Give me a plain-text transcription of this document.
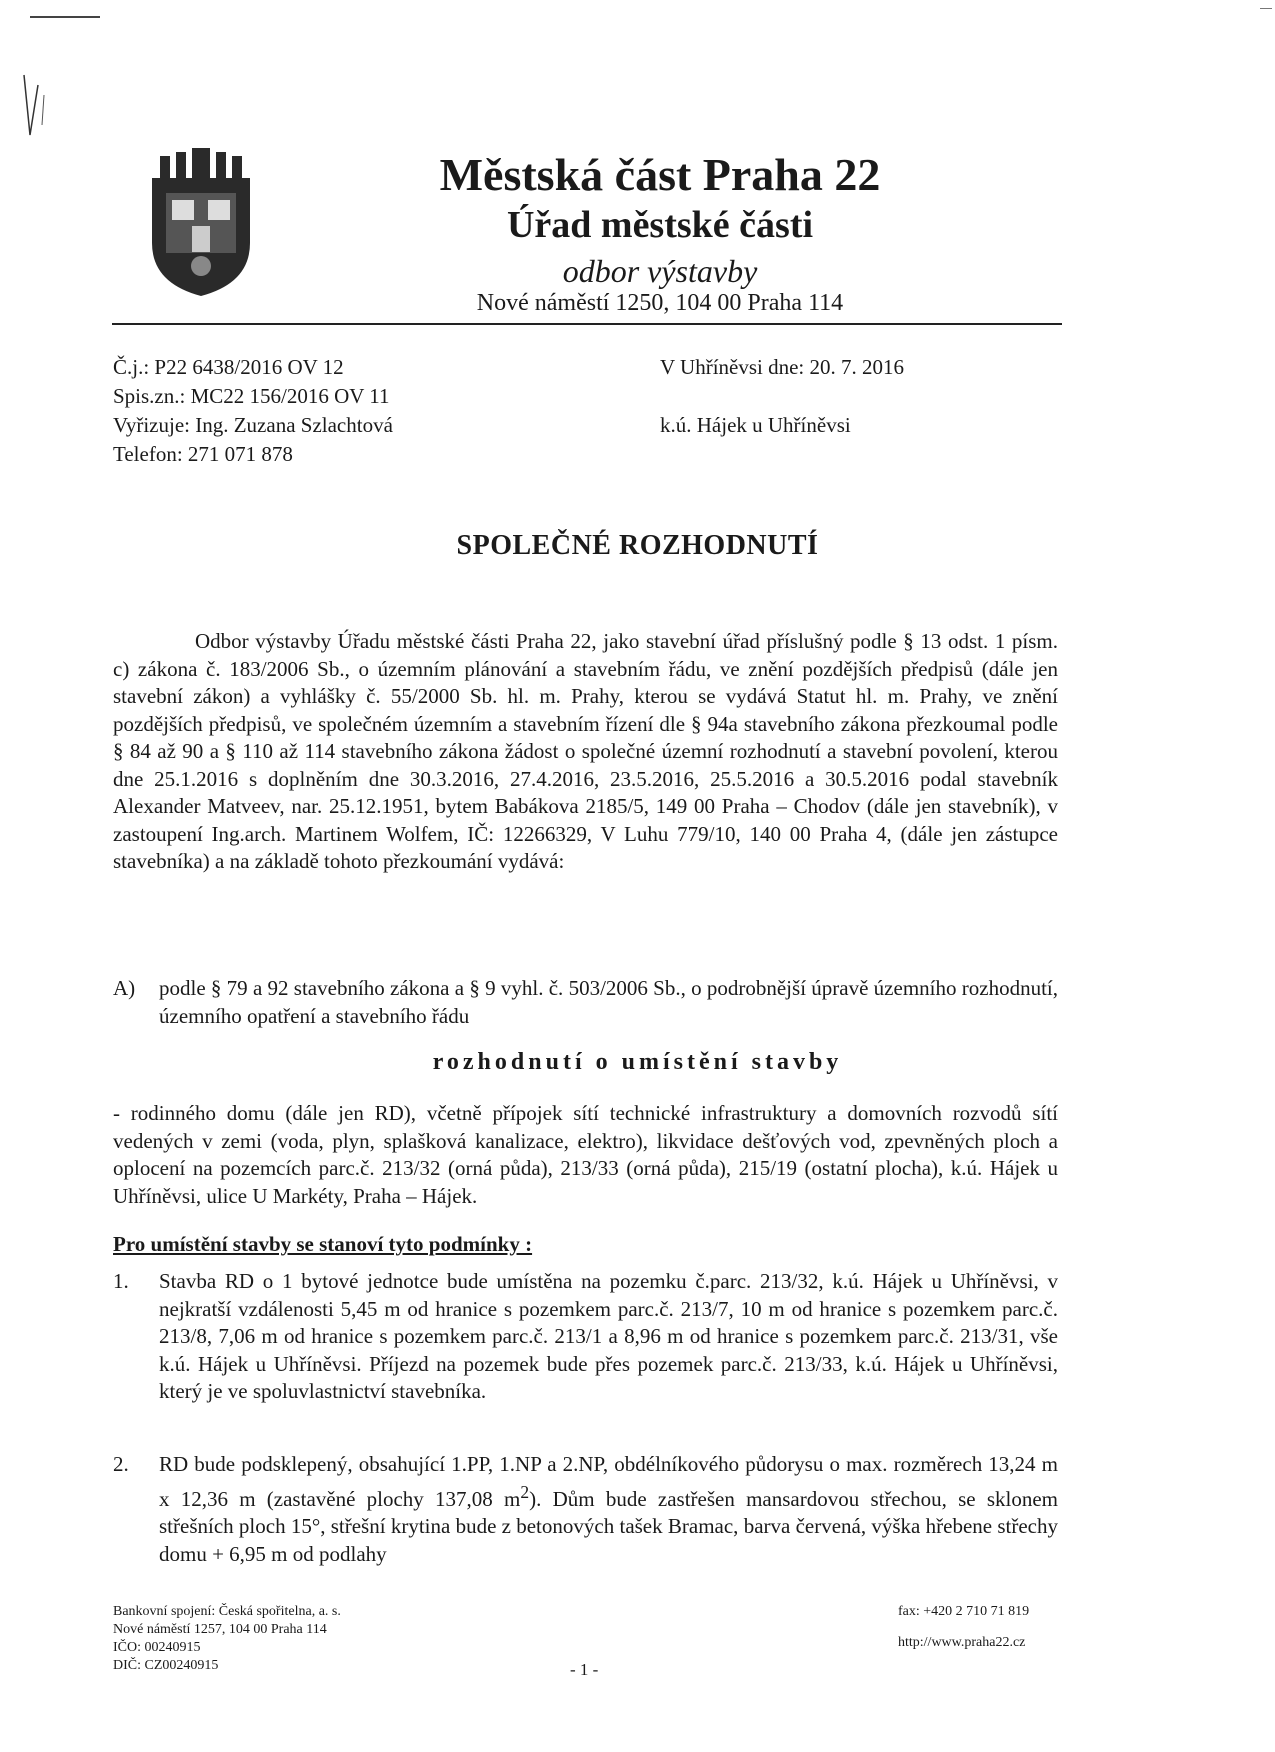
Městská část Praha 22
Úřad městské části
odbor výstavby
Nové náměstí 1250, 104 00 Praha 114
Č.j.: P22 6438/2016 OV 12
Spis.zn.: MC22 156/2016 OV 11
Vyřizuje: Ing. Zuzana Szlachtová
Telefon: 271 071 878
V Uhříněvsi dne: 20. 7. 2016
k.ú. Hájek u Uhříněvsi
SPOLEČNÉ ROZHODNUTÍ
Odbor výstavby Úřadu městské části Praha 22, jako stavební úřad příslušný podle § 13 odst. 1 písm. c) zákona č. 183/2006 Sb., o územním plánování a stavebním řádu, ve znění pozdějších předpisů (dále jen stavební zákon) a vyhlášky č. 55/2000 Sb. hl. m. Prahy, kterou se vydává Statut hl. m. Prahy, ve znění pozdějších předpisů, ve společném územním a stavebním řízení dle § 94a stavebního zákona přezkoumal podle § 84 až 90 a § 110 až 114 stavebního zákona žádost o společné územní rozhodnutí a stavební povolení, kterou dne 25.1.2016 s doplněním dne 30.3.2016, 27.4.2016, 23.5.2016, 25.5.2016 a 30.5.2016 podal stavebník Alexander Matveev, nar. 25.12.1951, bytem Babákova 2185/5, 149 00 Praha – Chodov (dále jen stavebník), v zastoupení Ing.arch. Martinem Wolfem, IČ: 12266329, V Luhu 779/10, 140 00 Praha 4, (dále jen zástupce stavebníka) a na základě tohoto přezkoumání vydává:
A) podle § 79 a 92 stavebního zákona a § 9 vyhl. č. 503/2006 Sb., o podrobnější úpravě územního rozhodnutí, územního opatření a stavebního řádu
rozhodnutí o umístění stavby
- rodinného domu (dále jen RD), včetně přípojek sítí technické infrastruktury a domovních rozvodů sítí vedených v zemi (voda, plyn, splašková kanalizace, elektro), likvidace dešťových vod, zpevněných ploch a oplocení na pozemcích parc.č. 213/32 (orná půda), 213/33 (orná půda), 215/19 (ostatní plocha), k.ú. Hájek u Uhříněvsi, ulice U Markéty, Praha – Hájek.
Pro umístění stavby se stanoví tyto podmínky :
1. Stavba RD o 1 bytové jednotce bude umístěna na pozemku č.parc. 213/32, k.ú. Hájek u Uhříněvsi, v nejkratší vzdálenosti 5,45 m od hranice s pozemkem parc.č. 213/7, 10 m od hranice s pozemkem parc.č. 213/8, 7,06 m od hranice s pozemkem parc.č. 213/1 a 8,96 m od hranice s pozemkem parc.č. 213/31, vše k.ú. Hájek u Uhříněvsi. Příjezd na pozemek bude přes pozemek parc.č. 213/33, k.ú. Hájek u Uhříněvsi, který je ve spoluvlastnictví stavebníka.
2. RD bude podsklepený, obsahující 1.PP, 1.NP a 2.NP, obdélníkového půdorysu o max. rozměrech 13,24 m x 12,36 m (zastavěné plochy 137,08 $m^2$). Dům bude zastřešen mansardovou střechou, se sklonem střešních ploch 15°, střešní krytina bude z betonových tašek Bramac, barva červená, výška hřebene střechy domu + 6,95 m od podlahy
Bankovní spojení: Česká spořitelna, a. s.
Nové náměstí 1257, 104 00 Praha 114
IČO: 00240915
DIČ: CZ00240915
fax: +420 2 710 71 819
http://www.praha22.cz
- 1 -
